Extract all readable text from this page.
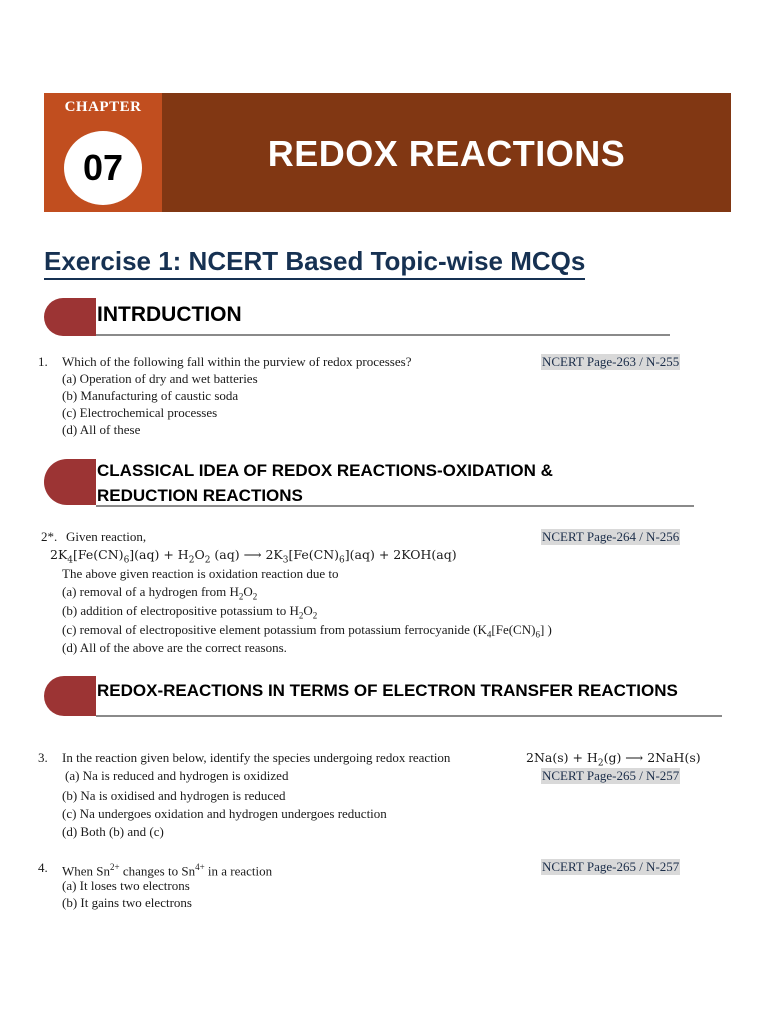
CHAPTER
07	REDOX REACTIONS
Exercise 1: NCERT Based Topic-wise MCQs
INTRDUCTION
1. Which of the following fall within the purview of redox processes?
(a) Operation of dry and wet batteries
(b) Manufacturing of caustic soda
(c) Electrochemical processes
(d) All of these
NCERT Page-263 / N-255
CLASSICAL IDEA OF REDOX REACTIONS-OXIDATION &
REDUCTION REACTIONS
2*. Given reaction,
$2K_4[Fe(CN)_6](aq) + H_2O_2$ (aq) ⟶ $2K_3[Fe(CN)_6](aq) + 2KOH(aq)$
The above given reaction is oxidation reaction due to
(a) removal of a hydrogen from $H_2O_2$
(b) addition of electropositive potassium to $H_2O_2$
(c) removal of electropositive element potassium from potassium ferrocyanide ($K_4[Fe(CN)_6]$ )
(d) All of the above are the correct reasons.
NCERT Page-264 / N-256
REDOX-REACTIONS IN TERMS OF ELECTRON TRANSFER REACTIONS
3. In the reaction given below, identify the species undergoing redox reaction	$2Na(s) + H_2(g)$ ⟶ 2NaH(s)
(a) Na is reduced and hydrogen is oxidized
(b) Na is oxidised and hydrogen is reduced
(c) Na undergoes oxidation and hydrogen undergoes reduction
(d) Both (b) and (c)
NCERT Page-265 / N-257
4. When $Sn^{2+}$ changes to $Sn^{4+}$ in a reaction
(a) It loses two electrons
(b) It gains two electrons
NCERT Page-265 / N-257
